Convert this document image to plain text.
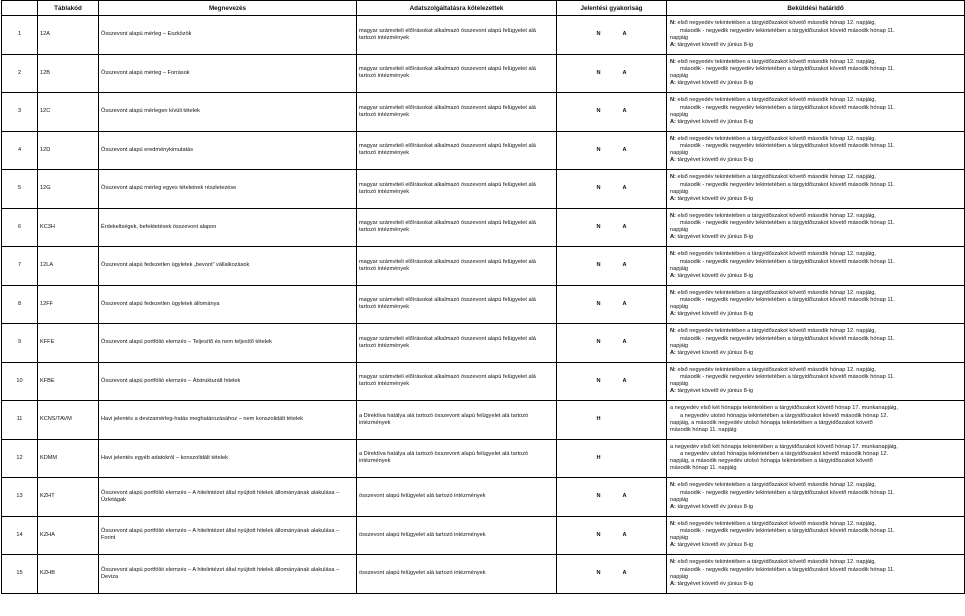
	Táblakód	Megnevezés	Adatszolgáltatásra kötelezettek	Jelentési gyakoriság	Beküldési határidő
1	12A	Összevont alapú mérleg – Eszközök	magyar számviteli előírásokat alkalmazó összevont alapú felügyelet alá tartozó intézmények	N A	N: első negyedév tekintetében a tárgyidőszakot követő második hónap 12. napjáig,
második - negyedik negyedév tekintetében a tárgyidőszakot követő második hónap 11.
napjáig
A: tárgyévet követő év június 8-ig

2	12B	Összevont alapú mérleg – Források	magyar számviteli előírásokat alkalmazó összevont alapú felügyelet alá tartozó intézmények	N A	N: első negyedév tekintetében a tárgyidőszakot követő második hónap 12. napjáig,
második - negyedik negyedév tekintetében a tárgyidőszakot követő második hónap 11.
napjáig
A: tárgyévet követő év június 8-ig

3	12C	Összevont alapú mérlegen kívüli tételek	magyar számviteli előírásokat alkalmazó összevont alapú felügyelet alá tartozó intézmények	N A	N: első negyedév tekintetében a tárgyidőszakot követő második hónap 12. napjáig,
második - negyedik negyedév tekintetében a tárgyidőszakot követő második hónap 11.
napjáig
A: tárgyévet követő év június 8-ig

4	12D	Összevont alapú eredménykimutatás	magyar számviteli előírásokat alkalmazó összevont alapú felügyelet alá tartozó intézmények	N A	N: első negyedév tekintetében a tárgyidőszakot követő második hónap 12. napjáig,
második - negyedik negyedév tekintetében a tárgyidőszakot követő második hónap 11.
napjáig
A: tárgyévet követő év június 8-ig

5	12G	Összevont alapú mérleg egyes tételeinek részletezése	magyar számviteli előírásokat alkalmazó összevont alapú felügyelet alá tartozó intézmények	N A	N: első negyedév tekintetében a tárgyidőszakot követő második hónap 12. napjáig,
második - negyedik negyedév tekintetében a tárgyidőszakot követő második hónap 11.
napjáig
A: tárgyévet követő év június 8-ig

6	KC3H	Érdekeltségek, befektetések összevont alapon	magyar számviteli előírásokat alkalmazó összevont alapú felügyelet alá tartozó intézmények	N A	N: első negyedév tekintetében a tárgyidőszakot követő második hónap 12. napjáig,
második - negyedik negyedév tekintetében a tárgyidőszakot követő második hónap 11.
napjáig
A: tárgyévet követő év június 8-ig

7	12LA	Összevont alapú fedezetlen ügyletek „bevont” vállalkozások	magyar számviteli előírásokat alkalmazó összevont alapú felügyelet alá tartozó intézmények	N A	N: első negyedév tekintetében a tárgyidőszakot követő második hónap 12. napjáig,
második - negyedik negyedév tekintetében a tárgyidőszakot követő második hónap 11.
napjáig
A: tárgyévet követő év június 8-ig

8	12FF	Összevont alapú fedezetlen ügyletek állománya	magyar számviteli előírásokat alkalmazó összevont alapú felügyelet alá tartozó intézmények	N A	N: első negyedév tekintetében a tárgyidőszakot követő második hónap 12. napjáig,
második - negyedik negyedév tekintetében a tárgyidőszakot követő második hónap 11.
napjáig
A: tárgyévet követő év június 8-ig

9	KFFE	Összevont alapú portfólió elemzés – Teljesítő és nem teljesítő tételek	magyar számviteli előírásokat alkalmazó összevont alapú felügyelet alá tartozó intézmények	N A	N: első negyedév tekintetében a tárgyidőszakot követő második hónap 12. napjáig,
második - negyedik negyedév tekintetében a tárgyidőszakot követő második hónap 11.
napjáig
A: tárgyévet követő év június 8-ig

10	KFBE	Összevont alapú portfólió elemzés – Átstrukturált hitelek	magyar számviteli előírásokat alkalmazó összevont alapú felügyelet alá tartozó intézmények	N A	N: első negyedév tekintetében a tárgyidőszakot követő második hónap 12. napjáig,
második - negyedik negyedév tekintetében a tárgyidőszakot követő második hónap 11.
napjáig
A: tárgyévet követő év június 8-ig

11	KCNS/TAVM	Havi jelentés a devizamérleg-hatás meghatározásához – nem konszolidált tételek	a Direktíva hatálya alá tartozó összevont alapú felügyelet alá tartozó intézmények	H	a negyedév első két hónapja tekintetében a tárgyidőszakot követő hónap 17. munkanapjáig,
a negyedév utolsó hónapja tekintetében a tárgyidőszakot követő második hónap 12.
napjáig, a második negyedév utolsó hónapja tekintetében a tárgyidőszakot követő
második hónap 11. napjáig

12	KDMM	Havi jelentés egyéb adatokról – konszolidált tételek	a Direktíva hatálya alá tartozó összevont alapú felügyelet alá tartozó intézmények	H	a negyedév első két hónapja tekintetében a tárgyidőszakot követő hónap 17. munkanapjáig,
a negyedév utolsó hónapja tekintetében a tárgyidőszakot követő második hónap 12.
napjáig, a második negyedév utolsó hónapja tekintetében a tárgyidőszakot követő
második hónap 11. napjáig

13	KZHT	Összevont alapú portfólió elemzés – A hitelintézet által nyújtott hitelek állományának alakulása – Üzletágak	összevont alapú felügyelet alá tartozó intézmények	N A	N: első negyedév tekintetében a tárgyidőszakot követő második hónap 12. napjáig,
második - negyedik negyedév tekintetében a tárgyidőszakot követő második hónap 11.
napjáig
A: tárgyévet követő év június 8-ig

14	KZHA	Összevont alapú portfólió elemzés – A hitelintézet által nyújtott hitelek állományának alakulása – Forint	összevont alapú felügyelet alá tartozó intézmények	N A	N: első negyedév tekintetében a tárgyidőszakot követő második hónap 12. napjáig,
második - negyedik negyedév tekintetében a tárgyidőszakot követő második hónap 11.
napjáig
A: tárgyévet követő év június 8-ig

15	KZHB	Összevont alapú portfólió elemzés – A hitelintézet által nyújtott hitelek állományának alakulása – Deviza	összevont alapú felügyelet alá tartozó intézmények	N A	N: első negyedév tekintetében a tárgyidőszakot követő második hónap 12. napjáig,
második - negyedik negyedév tekintetében a tárgyidőszakot követő második hónap 11.
napjáig
A: tárgyévet követő év június 8-ig
